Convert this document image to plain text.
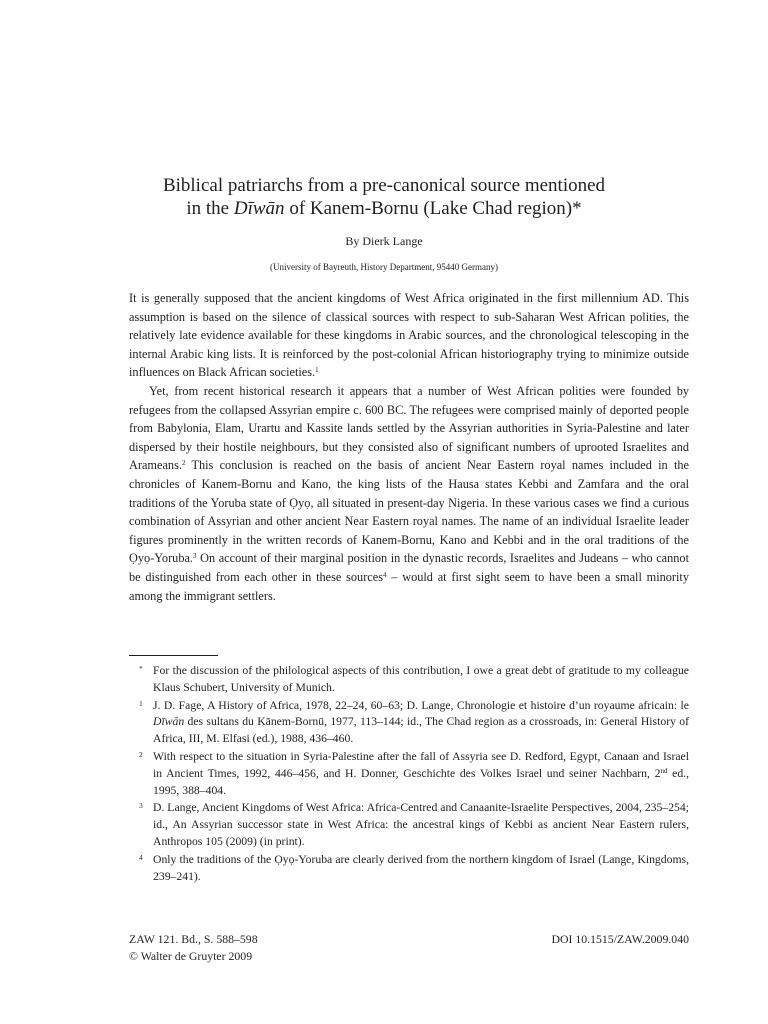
Biblical patriarchs from a pre-canonical source mentioned
in the Dīwān of Kanem-Bornu (Lake Chad region)*
By Dierk Lange
(University of Bayreuth, History Department, 95440 Germany)

It is generally supposed that the ancient kingdoms of West Africa originated in the first millennium AD. This assumption is based on the silence of classical sources with respect to sub-Saharan West African polities, the relatively late evidence available for these kingdoms in Arabic sources, and the chronological telescoping in the internal Arabic king lists. It is reinforced by the post-colonial African historiography trying to minimize outside influences on Black African societies.$^1$

Yet, from recent historical research it appears that a number of West African polities were founded by refugees from the collapsed Assyrian empire c. 600 BC. The refugees were comprised mainly of deported people from Babylonia, Elam, Urartu and Kassite lands settled by the Assyrian authorities in Syria-Palestine and later dispersed by their hostile neighbours, but they consisted also of significant numbers of uprooted Israelites and Arameans.$^2$ This conclusion is reached on the basis of ancient Near Eastern royal names included in the chronicles of Kanem-Bornu and Kano, the king lists of the Hausa states Kebbi and Zamfara and the oral traditions of the Yoruba state of Ọyọ, all situated in present-day Nigeria. In these various cases we find a curious combination of Assyrian and other ancient Near Eastern royal names. The name of an individual Israelite leader figures prominently in the written records of Kanem-Bornu, Kano and Kebbi and in the oral traditions of the Ọyọ-Yoruba.$^3$ On account of their marginal position in the dynastic records, Israelites and Judeans – who cannot be distinguished from each other in these sources$^4$ – would at first sight seem to have been a small minority among the immigrant settlers.

* For the discussion of the philological aspects of this contribution, I owe a great debt of gratitude to my colleague Klaus Schubert, University of Munich.
1 J. D. Fage, A History of Africa, 1978, 22–24, 60–63; D. Lange, Chronologie et histoire d’un royaume africain: le Dīwān des sultans du Kānem-Bornū, 1977, 113–144; id., The Chad region as a crossroads, in: General History of Africa, III, M. Elfasi (ed.), 1988, 436–460.
2 With respect to the situation in Syria-Palestine after the fall of Assyria see D. Redford, Egypt, Canaan and Israel in Ancient Times, 1992, 446–456, and H. Donner, Geschichte des Volkes Israel und seiner Nachbarn, 2nd ed., 1995, 388–404.
3 D. Lange, Ancient Kingdoms of West Africa: Africa-Centred and Canaanite-Israelite Perspectives, 2004, 235–254; id., An Assyrian successor state in West Africa: the ancestral kings of Kebbi as ancient Near Eastern rulers, Anthropos 105 (2009) (in print).
4 Only the traditions of the Ọyọ-Yoruba are clearly derived from the northern kingdom of Israel (Lange, Kingdoms, 239–241).
ZAW 121. Bd., S. 588–598
© Walter de Gruyter 2009
DOI 10.1515/ZAW.2009.040
